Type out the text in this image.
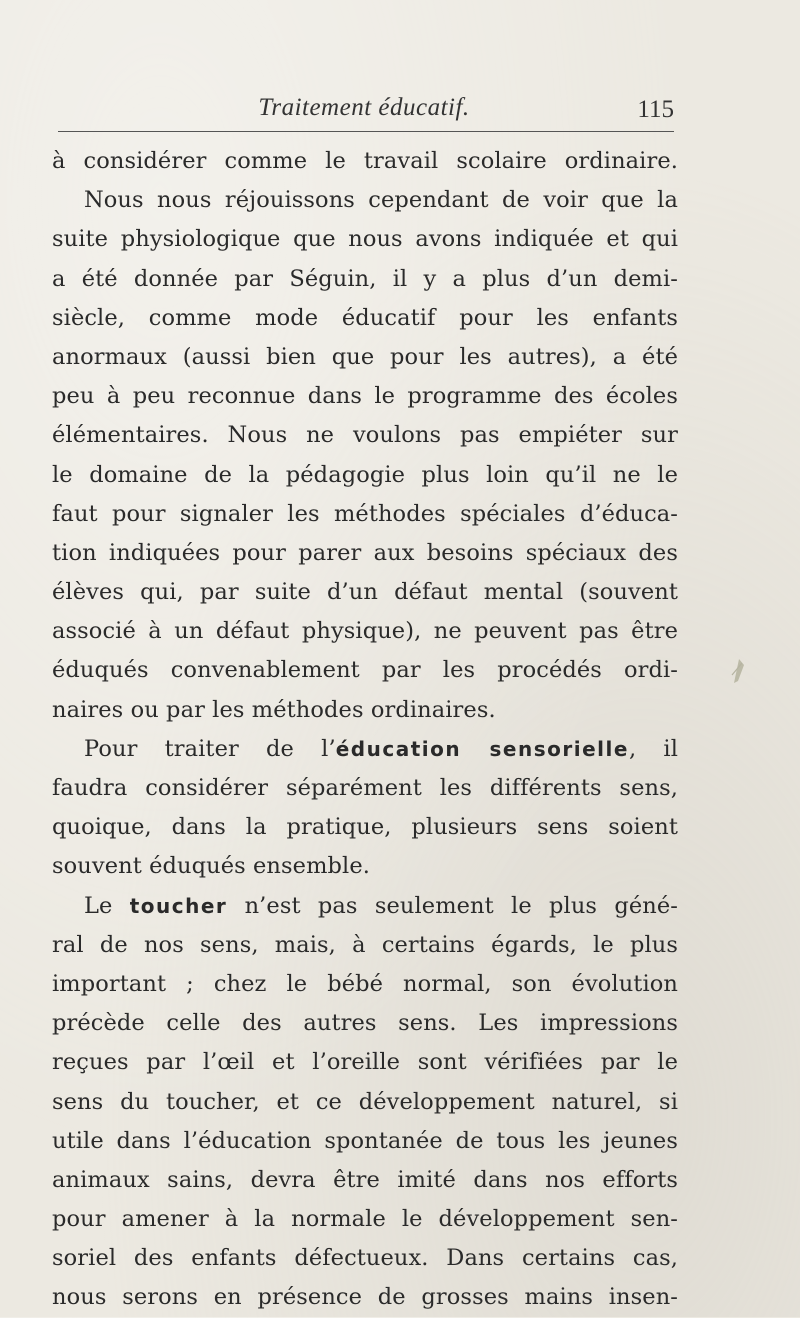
Traitement éducatif.	115
à considérer comme le travail scolaire ordinaire.
Nous nous réjouissons cependant de voir que la
suite physiologique que nous avons indiquée et qui
a été donnée par Séguin, il y a plus d’un demi-
siècle, comme mode éducatif pour les enfants
anormaux (aussi bien que pour les autres), a été
peu à peu reconnue dans le programme des écoles
élémentaires. Nous ne voulons pas empiéter sur
le domaine de la pédagogie plus loin qu’il ne le
faut pour signaler les méthodes spéciales d’éduca-
tion indiquées pour parer aux besoins spéciaux des
élèves qui, par suite d’un défaut mental (souvent
associé à un défaut physique), ne peuvent pas être
éduqués convenablement par les procédés ordi-
naires ou par les méthodes ordinaires.
Pour traiter de l’éducation sensorielle, il
faudra considérer séparément les différents sens,
quoique, dans la pratique, plusieurs sens soient
souvent éduqués ensemble.
Le toucher n’est pas seulement le plus géné-
ral de nos sens, mais, à certains égards, le plus
important ; chez le bébé normal, son évolution
précède celle des autres sens. Les impressions
reçues par l’œil et l’oreille sont vérifiées par le
sens du toucher, et ce développement naturel, si
utile dans l’éducation spontanée de tous les jeunes
animaux sains, devra être imité dans nos efforts
pour amener à la normale le développement sen-
soriel des enfants défectueux. Dans certains cas,
nous serons en présence de grosses mains insen-
